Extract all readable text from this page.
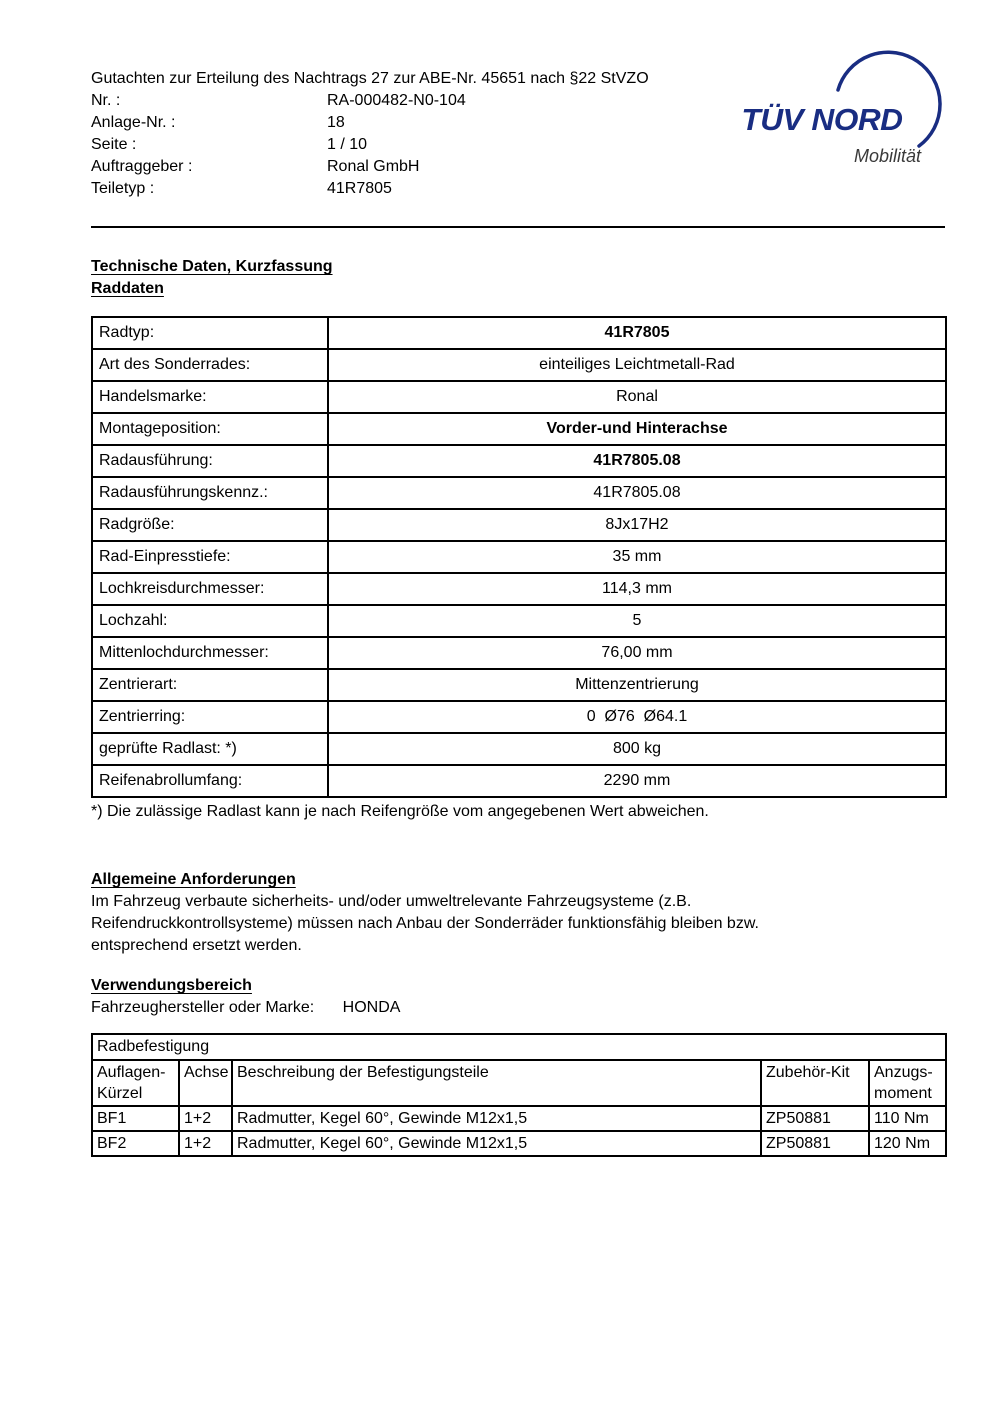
Gutachten zur Erteilung des Nachtrags 27 zur ABE-Nr. 45651 nach §22 StVZO
Nr. :	RA-000482-N0-104
Anlage-Nr. :	18
Seite :	1 / 10
Auftraggeber :	Ronal GmbH
Teiletyp :	41R7805
TÜV NORD
Mobilität
Technische Daten, Kurzfassung
Raddaten
Radtyp:	41R7805
Art des Sonderrades:	einteiliges Leichtmetall-Rad
Handelsmarke:	Ronal
Montageposition:	Vorder-und Hinterachse
Radausführung:	41R7805.08
Radausführungskennz.:	41R7805.08
Radgröße:	8Jx17H2
Rad-Einpresstiefe:	35 mm
Lochkreisdurchmesser:	114,3 mm
Lochzahl:	5
Mittenlochdurchmesser:	76,00 mm
Zentrierart:	Mittenzentrierung
Zentrierring:	0  Ø76  Ø64.1
geprüfte Radlast: *)	800 kg
Reifenabrollumfang:	2290 mm
*) Die zulässige Radlast kann je nach Reifengröße vom angegebenen Wert abweichen.
Allgemeine Anforderungen
Im Fahrzeug verbaute sicherheits- und/oder umweltrelevante Fahrzeugsysteme (z.B.
Reifendruckkontrollsysteme) müssen nach Anbau der Sonderräder funktionsfähig bleiben bzw.
entsprechend ersetzt werden.
Verwendungsbereich
Fahrzeughersteller oder Marke: HONDA
Radbefestigung				
Auflagen-Kürzel	Achse	Beschreibung der Befestigungsteile	Zubehör-Kit	Anzugs-moment
BF1	1+2	Radmutter, Kegel 60°, Gewinde M12x1,5	ZP50881	110 Nm
BF2	1+2	Radmutter, Kegel 60°, Gewinde M12x1,5	ZP50881	120 Nm
